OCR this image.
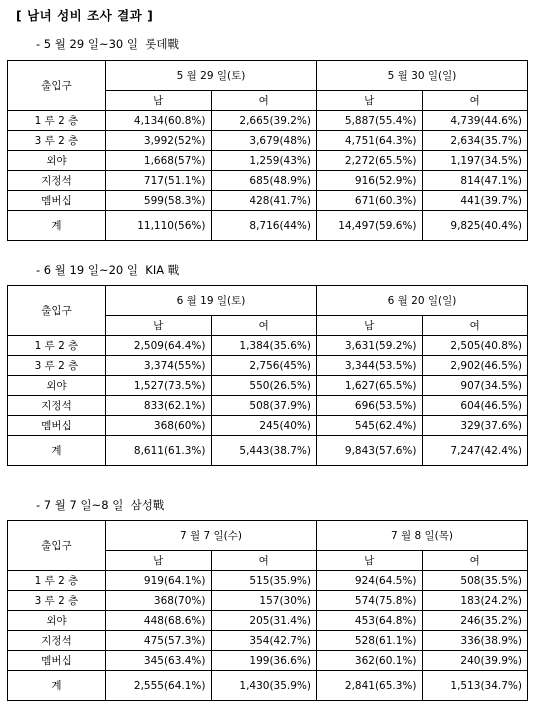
[ 남녀 성비 조사 결과 ]
- 5 월 29 일~30 일  롯데戰
출입구	5 월 29 일(토)		5 월 30 일(일)	
	남	여	남	여
1 루 2 층	4,134(60.8%)	2,665(39.2%)	5,887(55.4%)	4,739(44.6%)
3 루 2 층	3,992(52%)	3,679(48%)	4,751(64.3%)	2,634(35.7%)
외야	1,668(57%)	1,259(43%)	2,272(65.5%)	1,197(34.5%)
지정석	717(51.1%)	685(48.9%)	916(52.9%)	814(47.1%)
멤버십	599(58.3%)	428(41.7%)	671(60.3%)	441(39.7%)
계	11,110(56%)	8,716(44%)	14,497(59.6%)	9,825(40.4%)
- 6 월 19 일~20 일  KIA 戰
출입구	6 월 19 일(토)		6 월 20 일(일)	
	남	여	남	여
1 루 2 층	2,509(64.4%)	1,384(35.6%)	3,631(59.2%)	2,505(40.8%)
3 루 2 층	3,374(55%)	2,756(45%)	3,344(53.5%)	2,902(46.5%)
외야	1,527(73.5%)	550(26.5%)	1,627(65.5%)	907(34.5%)
지정석	833(62.1%)	508(37.9%)	696(53.5%)	604(46.5%)
멤버십	368(60%)	245(40%)	545(62.4%)	329(37.6%)
계	8,611(61.3%)	5,443(38.7%)	9,843(57.6%)	7,247(42.4%)
- 7 월 7 일~8 일  삼성戰
출입구	7 월 7 일(수)		7 월 8 일(목)	
	남	여	남	여
1 루 2 층	919(64.1%)	515(35.9%)	924(64.5%)	508(35.5%)
3 루 2 층	368(70%)	157(30%)	574(75.8%)	183(24.2%)
외야	448(68.6%)	205(31.4%)	453(64.8%)	246(35.2%)
지정석	475(57.3%)	354(42.7%)	528(61.1%)	336(38.9%)
멤버십	345(63.4%)	199(36.6%)	362(60.1%)	240(39.9%)
계	2,555(64.1%)	1,430(35.9%)	2,841(65.3%)	1,513(34.7%)
